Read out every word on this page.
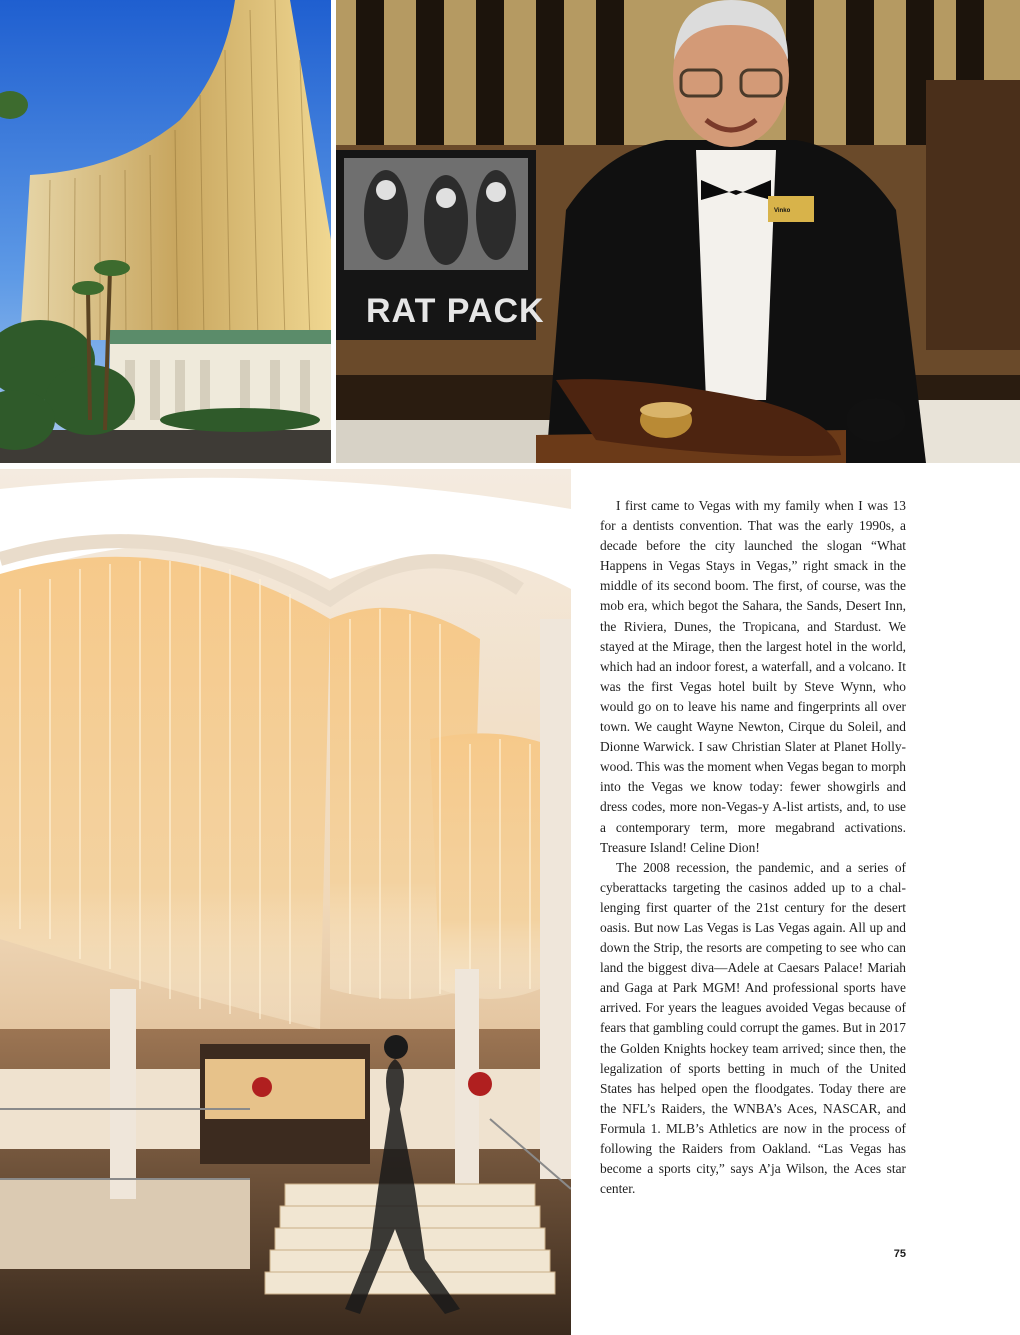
RAT PACK
Vinko

I first came to Vegas with my family when I was 13 for a dentists convention. That was the early 1990s, a decade before the city launched the slogan “What Happens in Vegas Stays in Vegas,” right smack in the middle of its second boom. The first, of course, was the mob era, which begot the Sahara, the Sands, Desert Inn, the Riviera, Dunes, the Tropicana, and Stardust. We stayed at the Mirage, then the largest hotel in the world, which had an indoor forest, a waterfall, and a volcano. It was the first Vegas hotel built by Steve Wynn, who would go on to leave his name and fingerprints all over town. We caught Wayne Newton, Cirque du Soleil, and Dionne Warwick. I saw Christian Slater at Planet Hollywood. This was the moment when Vegas began to morph into the Vegas we know today: fewer showgirls and dress codes, more non-Vegas-y A-list artists, and, to use a contemporary term, more megabrand activations. Treasure Island! Celine Dion!

The 2008 recession, the pandemic, and a series of cyberattacks targeting the casinos added up to a challenging first quarter of the 21st century for the desert oasis. But now Las Vegas is Las Vegas again. All up and down the Strip, the resorts are competing to see who can land the biggest diva—Adele at Caesars Palace! Mariah and Gaga at Park MGM! And professional sports have arrived. For years the leagues avoided Vegas because of fears that gambling could corrupt the games. But in 2017 the Golden Knights hockey team arrived; since then, the legalization of sports betting in much of the United States has helped open the floodgates. Today there are the NFL’s Raiders, the WNBA’s Aces, NASCAR, and Formula 1. MLB’s Athletics are now in the process of following the Raiders from Oakland. “Las Vegas has become a sports city,” says A’ja Wilson, the Aces star center.

75
